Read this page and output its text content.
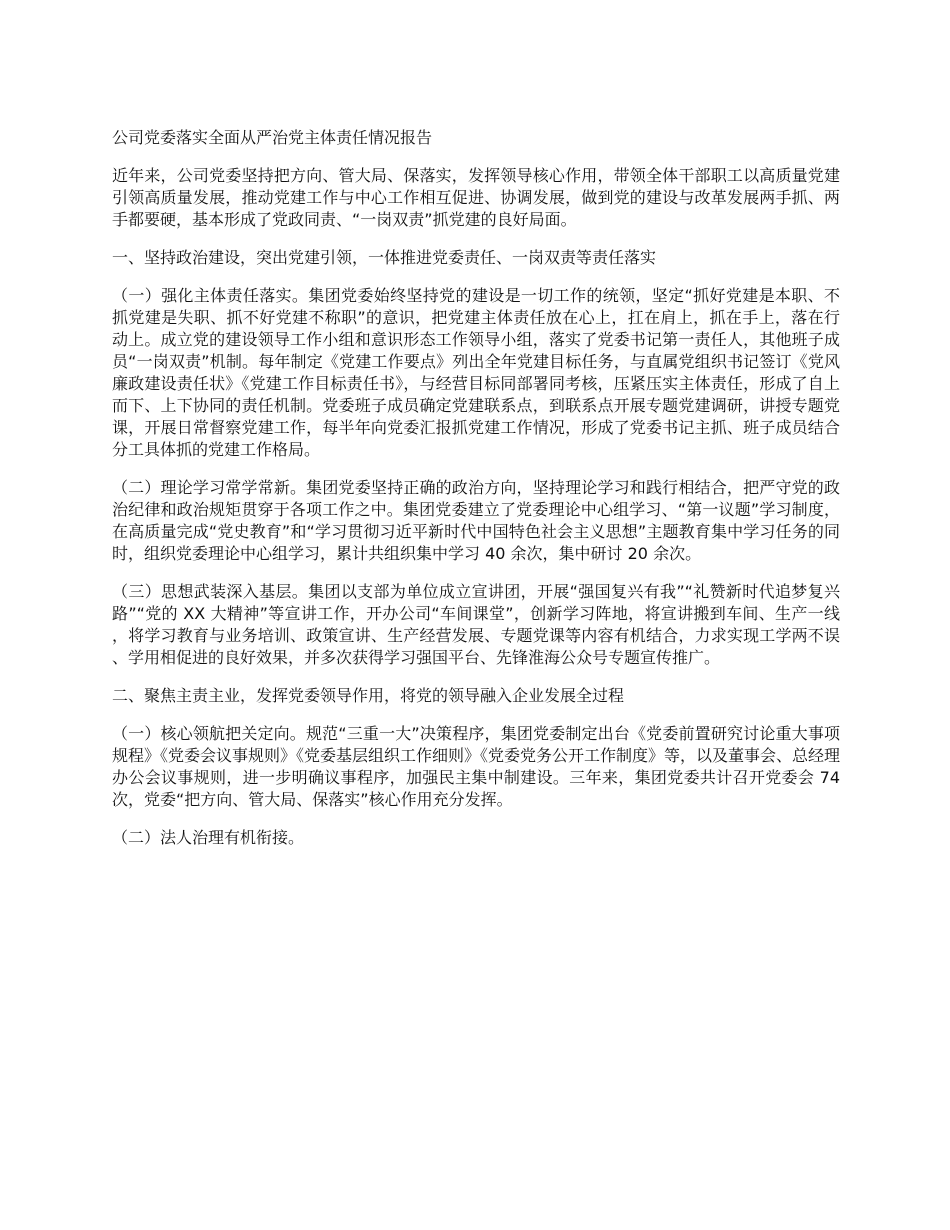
公司党委落实全面从严治党主体责任情况报告

近年来，公司党委坚持把方向、管大局、保落实，发挥领导核心作用，带领全体干部职工以高质量党建引领高质量发展，推动党建工作与中心工作相互促进、协调发展，做到党的建设与改革发展两手抓、两手都要硬，基本形成了党政同责、“一岗双责”抓党建的良好局面。

一、坚持政治建设，突出党建引领，一体推进党委责任、一岗双责等责任落实

（一）强化主体责任落实。集团党委始终坚持党的建设是一切工作的统领，坚定“抓好党建是本职、不抓党建是失职、抓不好党建不称职”的意识，把党建主体责任放在心上，扛在肩上，抓在手上，落在行动上。成立党的建设领导工作小组和意识形态工作领导小组，落实了党委书记第一责任人，其他班子成员“一岗双责”机制。每年制定《党建工作要点》列出全年党建目标任务，与直属党组织书记签订《党风廉政建设责任状》《党建工作目标责任书》，与经营目标同部署同考核，压紧压实主体责任，形成了自上而下、上下协同的责任机制。党委班子成员确定党建联系点，到联系点开展专题党建调研，讲授专题党课，开展日常督察党建工作，每半年向党委汇报抓党建工作情况，形成了党委书记主抓、班子成员结合分工具体抓的党建工作格局。

（二）理论学习常学常新。集团党委坚持正确的政治方向，坚持理论学习和践行相结合，把严守党的政治纪律和政治规矩贯穿于各项工作之中。集团党委建立了党委理论中心组学习、“第一议题”学习制度，在高质量完成“党史教育”和“学习贯彻习近平新时代中国特色社会主义思想”主题教育集中学习任务的同时，组织党委理论中心组学习，累计共组织集中学习 40 余次，集中研讨 20 余次。

（三）思想武装深入基层。集团以支部为单位成立宣讲团，开展“强国复兴有我”“礼赞新时代追梦复兴路”“党的 XX 大精神”等宣讲工作，开办公司“车间课堂”，创新学习阵地，将宣讲搬到车间、生产一线，将学习教育与业务培训、政策宣讲、生产经营发展、专题党课等内容有机结合，力求实现工学两不误、学用相促进的良好效果，并多次获得学习强国平台、先锋淮海公众号专题宣传推广。

二、聚焦主责主业，发挥党委领导作用，将党的领导融入企业发展全过程

（一）核心领航把关定向。规范“三重一大”决策程序，集团党委制定出台《党委前置研究讨论重大事项规程》《党委会议事规则》《党委基层组织工作细则》《党委党务公开工作制度》等，以及董事会、总经理办公会议事规则，进一步明确议事程序，加强民主集中制建设。三年来，集团党委共计召开党委会 74 次，党委“把方向、管大局、保落实”核心作用充分发挥。

（二）法人治理有机衔接。
